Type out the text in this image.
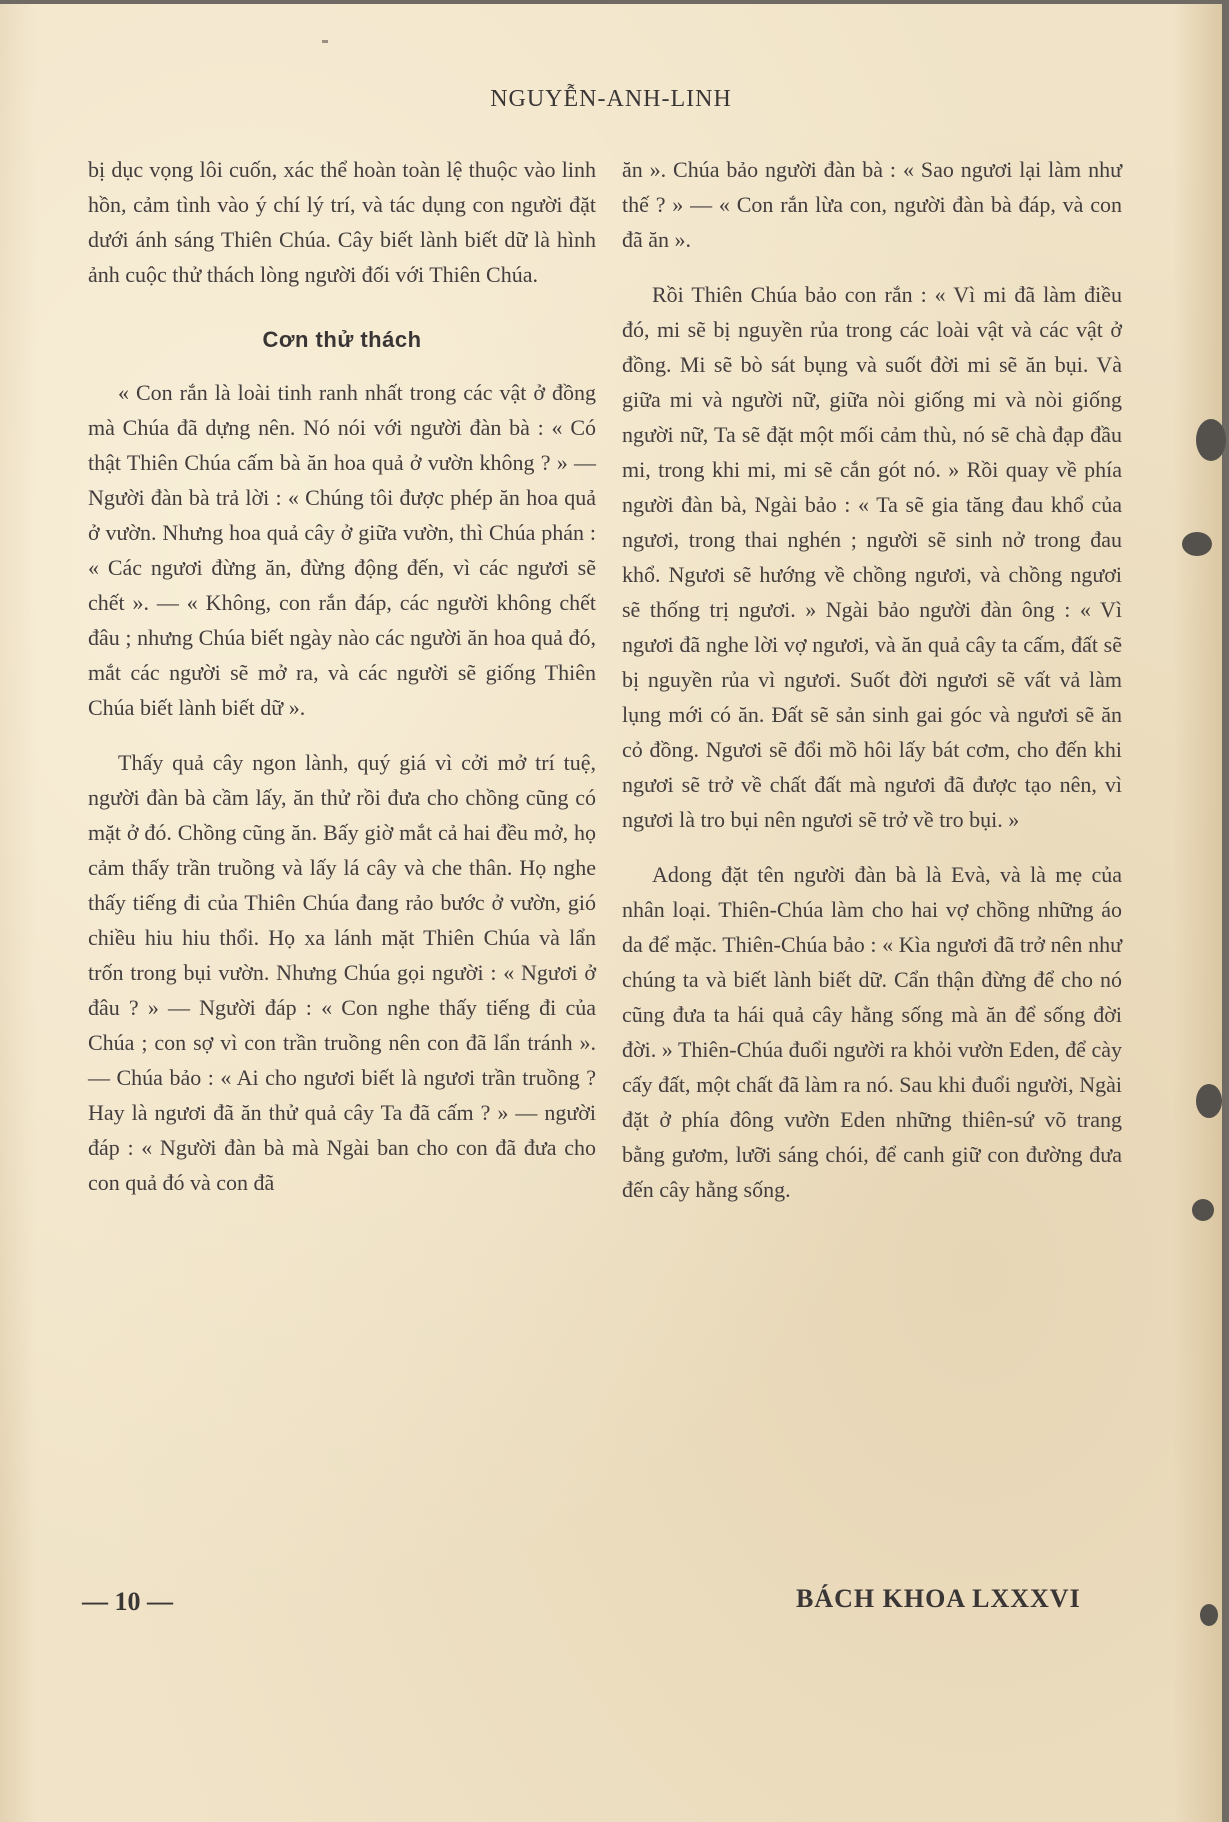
NGUYỄN-ANH-LINH

bị dục vọng lôi cuốn, xác thể hoàn toàn lệ thuộc vào linh hồn, cảm tình vào ý chí lý trí, và tác dụng con người đặt dưới ánh sáng Thiên Chúa. Cây biết lành biết dữ là hình ảnh cuộc thử thách lòng người đối với Thiên Chúa.

Cơn thử thách

« Con rắn là loài tinh ranh nhất trong các vật ở đồng mà Chúa đã dựng nên. Nó nói với người đàn bà : « Có thật Thiên Chúa cấm bà ăn hoa quả ở vườn không ? » — Người đàn bà trả lời : « Chúng tôi được phép ăn hoa quả ở vườn. Nhưng hoa quả cây ở giữa vườn, thì Chúa phán : « Các ngươi đừng ăn, đừng động đến, vì các ngươi sẽ chết ». — « Không, con rắn đáp, các người không chết đâu ; nhưng Chúa biết ngày nào các người ăn hoa quả đó, mắt các người sẽ mở ra, và các người sẽ giống Thiên Chúa biết lành biết dữ ».

Thấy quả cây ngon lành, quý giá vì cởi mở trí tuệ, người đàn bà cầm lấy, ăn thử rồi đưa cho chồng cũng có mặt ở đó. Chồng cũng ăn. Bấy giờ mắt cả hai đều mở, họ cảm thấy trần truồng và lấy lá cây và che thân. Họ nghe thấy tiếng đi của Thiên Chúa đang rảo bước ở vườn, gió chiều hiu hiu thổi. Họ xa lánh mặt Thiên Chúa và lẩn trốn trong bụi vườn. Nhưng Chúa gọi người : « Ngươi ở đâu ? » — Người đáp : « Con nghe thấy tiếng đi của Chúa ; con sợ vì con trần truồng nên con đã lẩn tránh ». — Chúa bảo : « Ai cho ngươi biết là ngươi trần truồng ? Hay là ngươi đã ăn thử quả cây Ta đã cấm ? » — người đáp : « Người đàn bà mà Ngài ban cho con đã đưa cho con quả đó và con đã

ăn ». Chúa bảo người đàn bà : « Sao ngươi lại làm như thế ? » — « Con rắn lừa con, người đàn bà đáp, và con đã ăn ».

Rồi Thiên Chúa bảo con rắn : « Vì mi đã làm điều đó, mi sẽ bị nguyền rủa trong các loài vật và các vật ở đồng. Mi sẽ bò sát bụng và suốt đời mi sẽ ăn bụi. Và giữa mi và người nữ, giữa nòi giống mi và nòi giống người nữ, Ta sẽ đặt một mối cảm thù, nó sẽ chà đạp đầu mi, trong khi mi, mi sẽ cắn gót nó. » Rồi quay về phía người đàn bà, Ngài bảo : « Ta sẽ gia tăng đau khổ của ngươi, trong thai nghén ; người sẽ sinh nở trong đau khổ. Ngươi sẽ hướng về chồng ngươi, và chồng ngươi sẽ thống trị ngươi. » Ngài bảo người đàn ông : « Vì ngươi đã nghe lời vợ ngươi, và ăn quả cây ta cấm, đất sẽ bị nguyền rủa vì ngươi. Suốt đời ngươi sẽ vất vả làm lụng mới có ăn. Đất sẽ sản sinh gai góc và ngươi sẽ ăn cỏ đồng. Ngươi sẽ đổi mồ hôi lấy bát cơm, cho đến khi ngươi sẽ trở về chất đất mà ngươi đã được tạo nên, vì ngươi là tro bụi nên ngươi sẽ trở về tro bụi. »

Adong đặt tên người đàn bà là Evà, và là mẹ của nhân loại. Thiên-Chúa làm cho hai vợ chồng những áo da để mặc. Thiên-Chúa bảo : « Kìa ngươi đã trở nên như chúng ta và biết lành biết dữ. Cẩn thận đừng để cho nó cũng đưa ta hái quả cây hằng sống mà ăn để sống đời đời. » Thiên-Chúa đuổi người ra khỏi vườn Eden, để cày cấy đất, một chất đã làm ra nó. Sau khi đuổi người, Ngài đặt ở phía đông vườn Eden những thiên-sứ võ trang bằng gươm, lưỡi sáng chói, để canh giữ con đường đưa đến cây hằng sống.

— 10 —	BÁCH KHOA LXXXVI
